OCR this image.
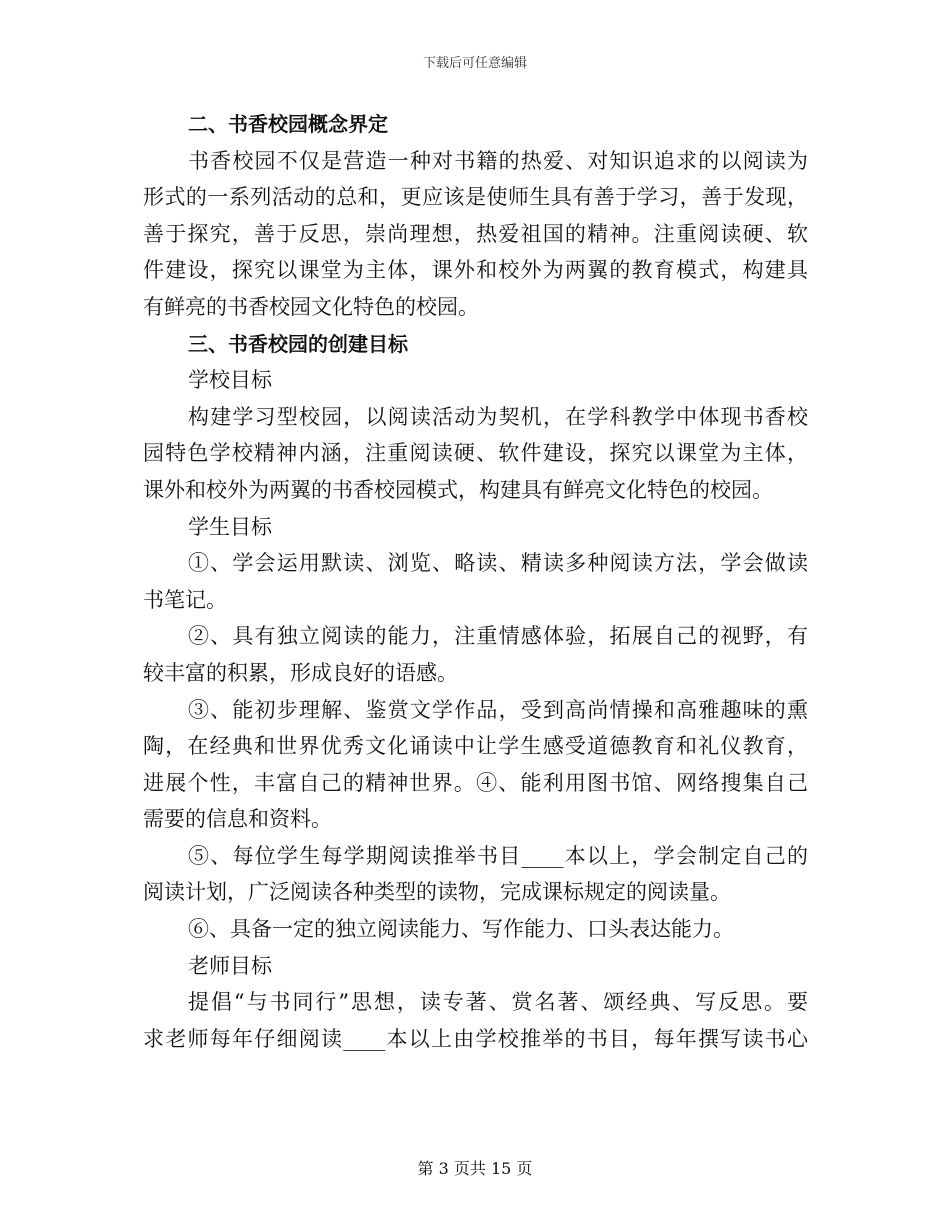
下载后可任意编辑
二、书香校园概念界定
书香校园不仅是营造一种对书籍的热爱、对知识追求的以阅读为
形式的一系列活动的总和，更应该是使师生具有善于学习，善于发现，
善于探究，善于反思，崇尚理想，热爱祖国的精神。注重阅读硬、软
件建设，探究以课堂为主体，课外和校外为两翼的教育模式，构建具
有鲜亮的书香校园文化特色的校园。
三、书香校园的创建目标
学校目标
构建学习型校园，以阅读活动为契机，在学科教学中体现书香校
园特色学校精神内涵，注重阅读硬、软件建设，探究以课堂为主体，
课外和校外为两翼的书香校园模式，构建具有鲜亮文化特色的校园。
学生目标
①、学会运用默读、浏览、略读、精读多种阅读方法，学会做读
书笔记。
②、具有独立阅读的能力，注重情感体验，拓展自己的视野，有
较丰富的积累，形成良好的语感。
③、能初步理解、鉴赏文学作品，受到高尚情操和高雅趣味的熏
陶，在经典和世界优秀文化诵读中让学生感受道德教育和礼仪教育，
进展个性，丰富自己的精神世界。④、能利用图书馆、网络搜集自己
需要的信息和资料。
⑤、每位学生每学期阅读推举书目____本以上，学会制定自己的
阅读计划，广泛阅读各种类型的读物，完成课标规定的阅读量。
⑥、具备一定的独立阅读能力、写作能力、口头表达能力。
老师目标
提倡“与书同行”思想，读专著、赏名著、颂经典、写反思。要
求老师每年仔细阅读____本以上由学校推举的书目，每年撰写读书心
第 3 页共 15 页
